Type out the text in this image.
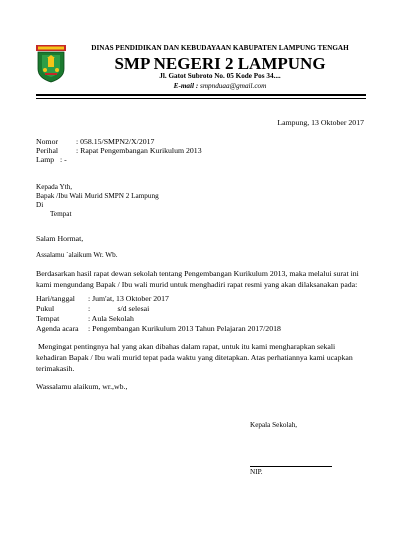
DINAS PENDIDIKAN DAN KEBUDAYAAN KABUPATEN LAMPUNG TENGAH
SMP NEGERI 2 LAMPUNG
Jl. Gatot Subroto No. 05 Kode Pos 34....
E-mail : smpnduaa@gmail.com
Lampung, 13 Oktober 2017
Nomor : 058.15/SMPN2/X/2017
Perihal : Rapat Pengembangan Kurikulum 2013
Lamp : -
Kepada Yth,
Bapak /Ibu Wali Murid SMPN 2 Lampung
Di
Tempat
Salam Hormat,
Assalamu `alaikum Wr. Wb.
Berdasarkan hasil rapat dewan sekolah tentang Pengembangan Kurikulum 2013, maka melalui surat ini kami mengundang Bapak / Ibu wali murid untuk menghadiri rapat resmi yang akan dilaksanakan pada:
Hari/tanggal : Jum'at, 13 Oktober 2017
Pukul	:              s/d selesai
Tempat	: Aula Sekolah
Agenda acara : Pengembangan Kurikulum 2013 Tahun Pelajaran 2017/2018
Mengingat pentingnya hal yang akan dibahas dalam rapat, untuk itu kami mengharapkan sekali kehadiran Bapak / Ibu wali murid tepat pada waktu yang ditetapkan. Atas perhatiannya kami ucapkan terimakasih.
Wassalamu alaikum, wr.,wb.,
Kepala Sekolah,
NIP.
